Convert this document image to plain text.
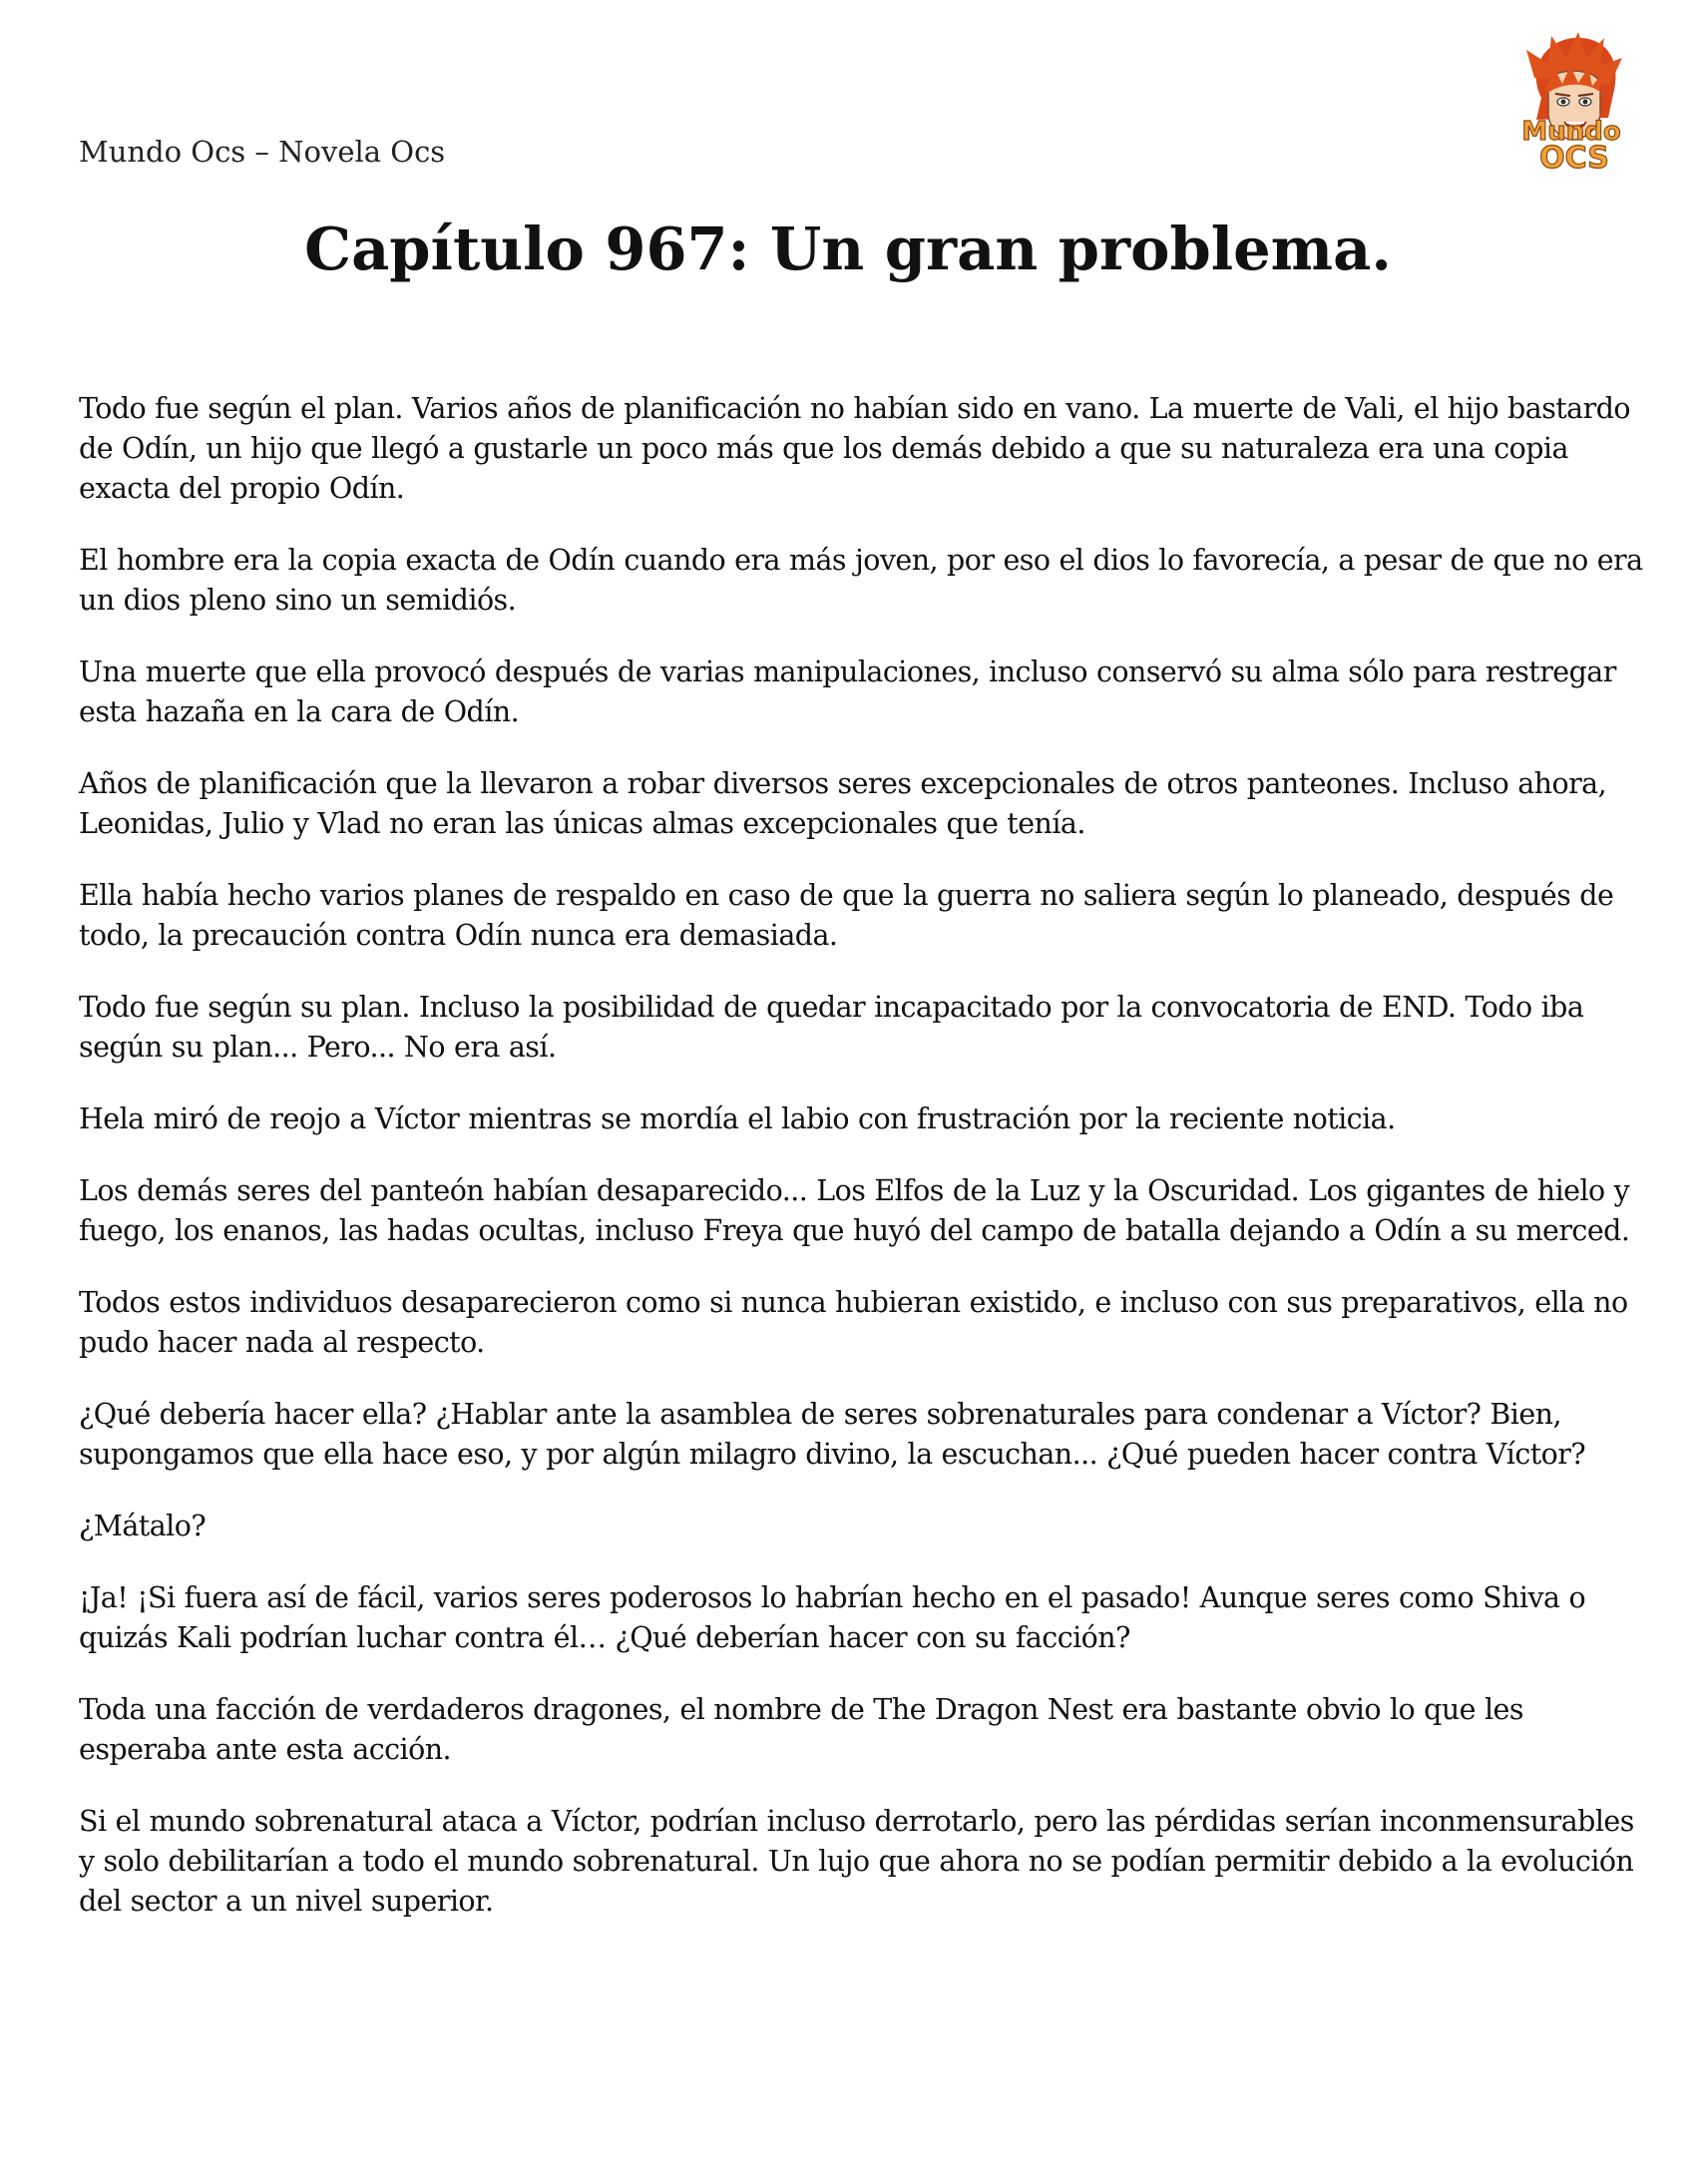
Mundo Ocs – Novela Ocs
Mundo
OCS
Capítulo 967: Un gran problema.

Todo fue según el plan. Varios años de planificación no habían sido en vano. La muerte de Vali, el hijo bastardo de Odín, un hijo que llegó a gustarle un poco más que los demás debido a que su naturaleza era una copia exacta del propio Odín.

El hombre era la copia exacta de Odín cuando era más joven, por eso el dios lo favorecía, a pesar de que no era un dios pleno sino un semidiós.

Una muerte que ella provocó después de varias manipulaciones, incluso conservó su alma sólo para restregar esta hazaña en la cara de Odín.

Años de planificación que la llevaron a robar diversos seres excepcionales de otros panteones. Incluso ahora, Leonidas, Julio y Vlad no eran las únicas almas excepcionales que tenía.

Ella había hecho varios planes de respaldo en caso de que la guerra no saliera según lo planeado, después de todo, la precaución contra Odín nunca era demasiada.

Todo fue según su plan. Incluso la posibilidad de quedar incapacitado por la convocatoria de END. Todo iba según su plan... Pero... No era así.

Hela miró de reojo a Víctor mientras se mordía el labio con frustración por la reciente noticia.

Los demás seres del panteón habían desaparecido... Los Elfos de la Luz y la Oscuridad. Los gigantes de hielo y fuego, los enanos, las hadas ocultas, incluso Freya que huyó del campo de batalla dejando a Odín a su merced.

Todos estos individuos desaparecieron como si nunca hubieran existido, e incluso con sus preparativos, ella no pudo hacer nada al respecto.

¿Qué debería hacer ella? ¿Hablar ante la asamblea de seres sobrenaturales para condenar a Víctor? Bien, supongamos que ella hace eso, y por algún milagro divino, la escuchan... ¿Qué pueden hacer contra Víctor?

¿Mátalo?

¡Ja! ¡Si fuera así de fácil, varios seres poderosos lo habrían hecho en el pasado! Aunque seres como Shiva o quizás Kali podrían luchar contra él… ¿Qué deberían hacer con su facción?

Toda una facción de verdaderos dragones, el nombre de The Dragon Nest era bastante obvio lo que les esperaba ante esta acción.

Si el mundo sobrenatural ataca a Víctor, podrían incluso derrotarlo, pero las pérdidas serían inconmensurables y solo debilitarían a todo el mundo sobrenatural. Un lujo que ahora no se podían permitir debido a la evolución del sector a un nivel superior.
